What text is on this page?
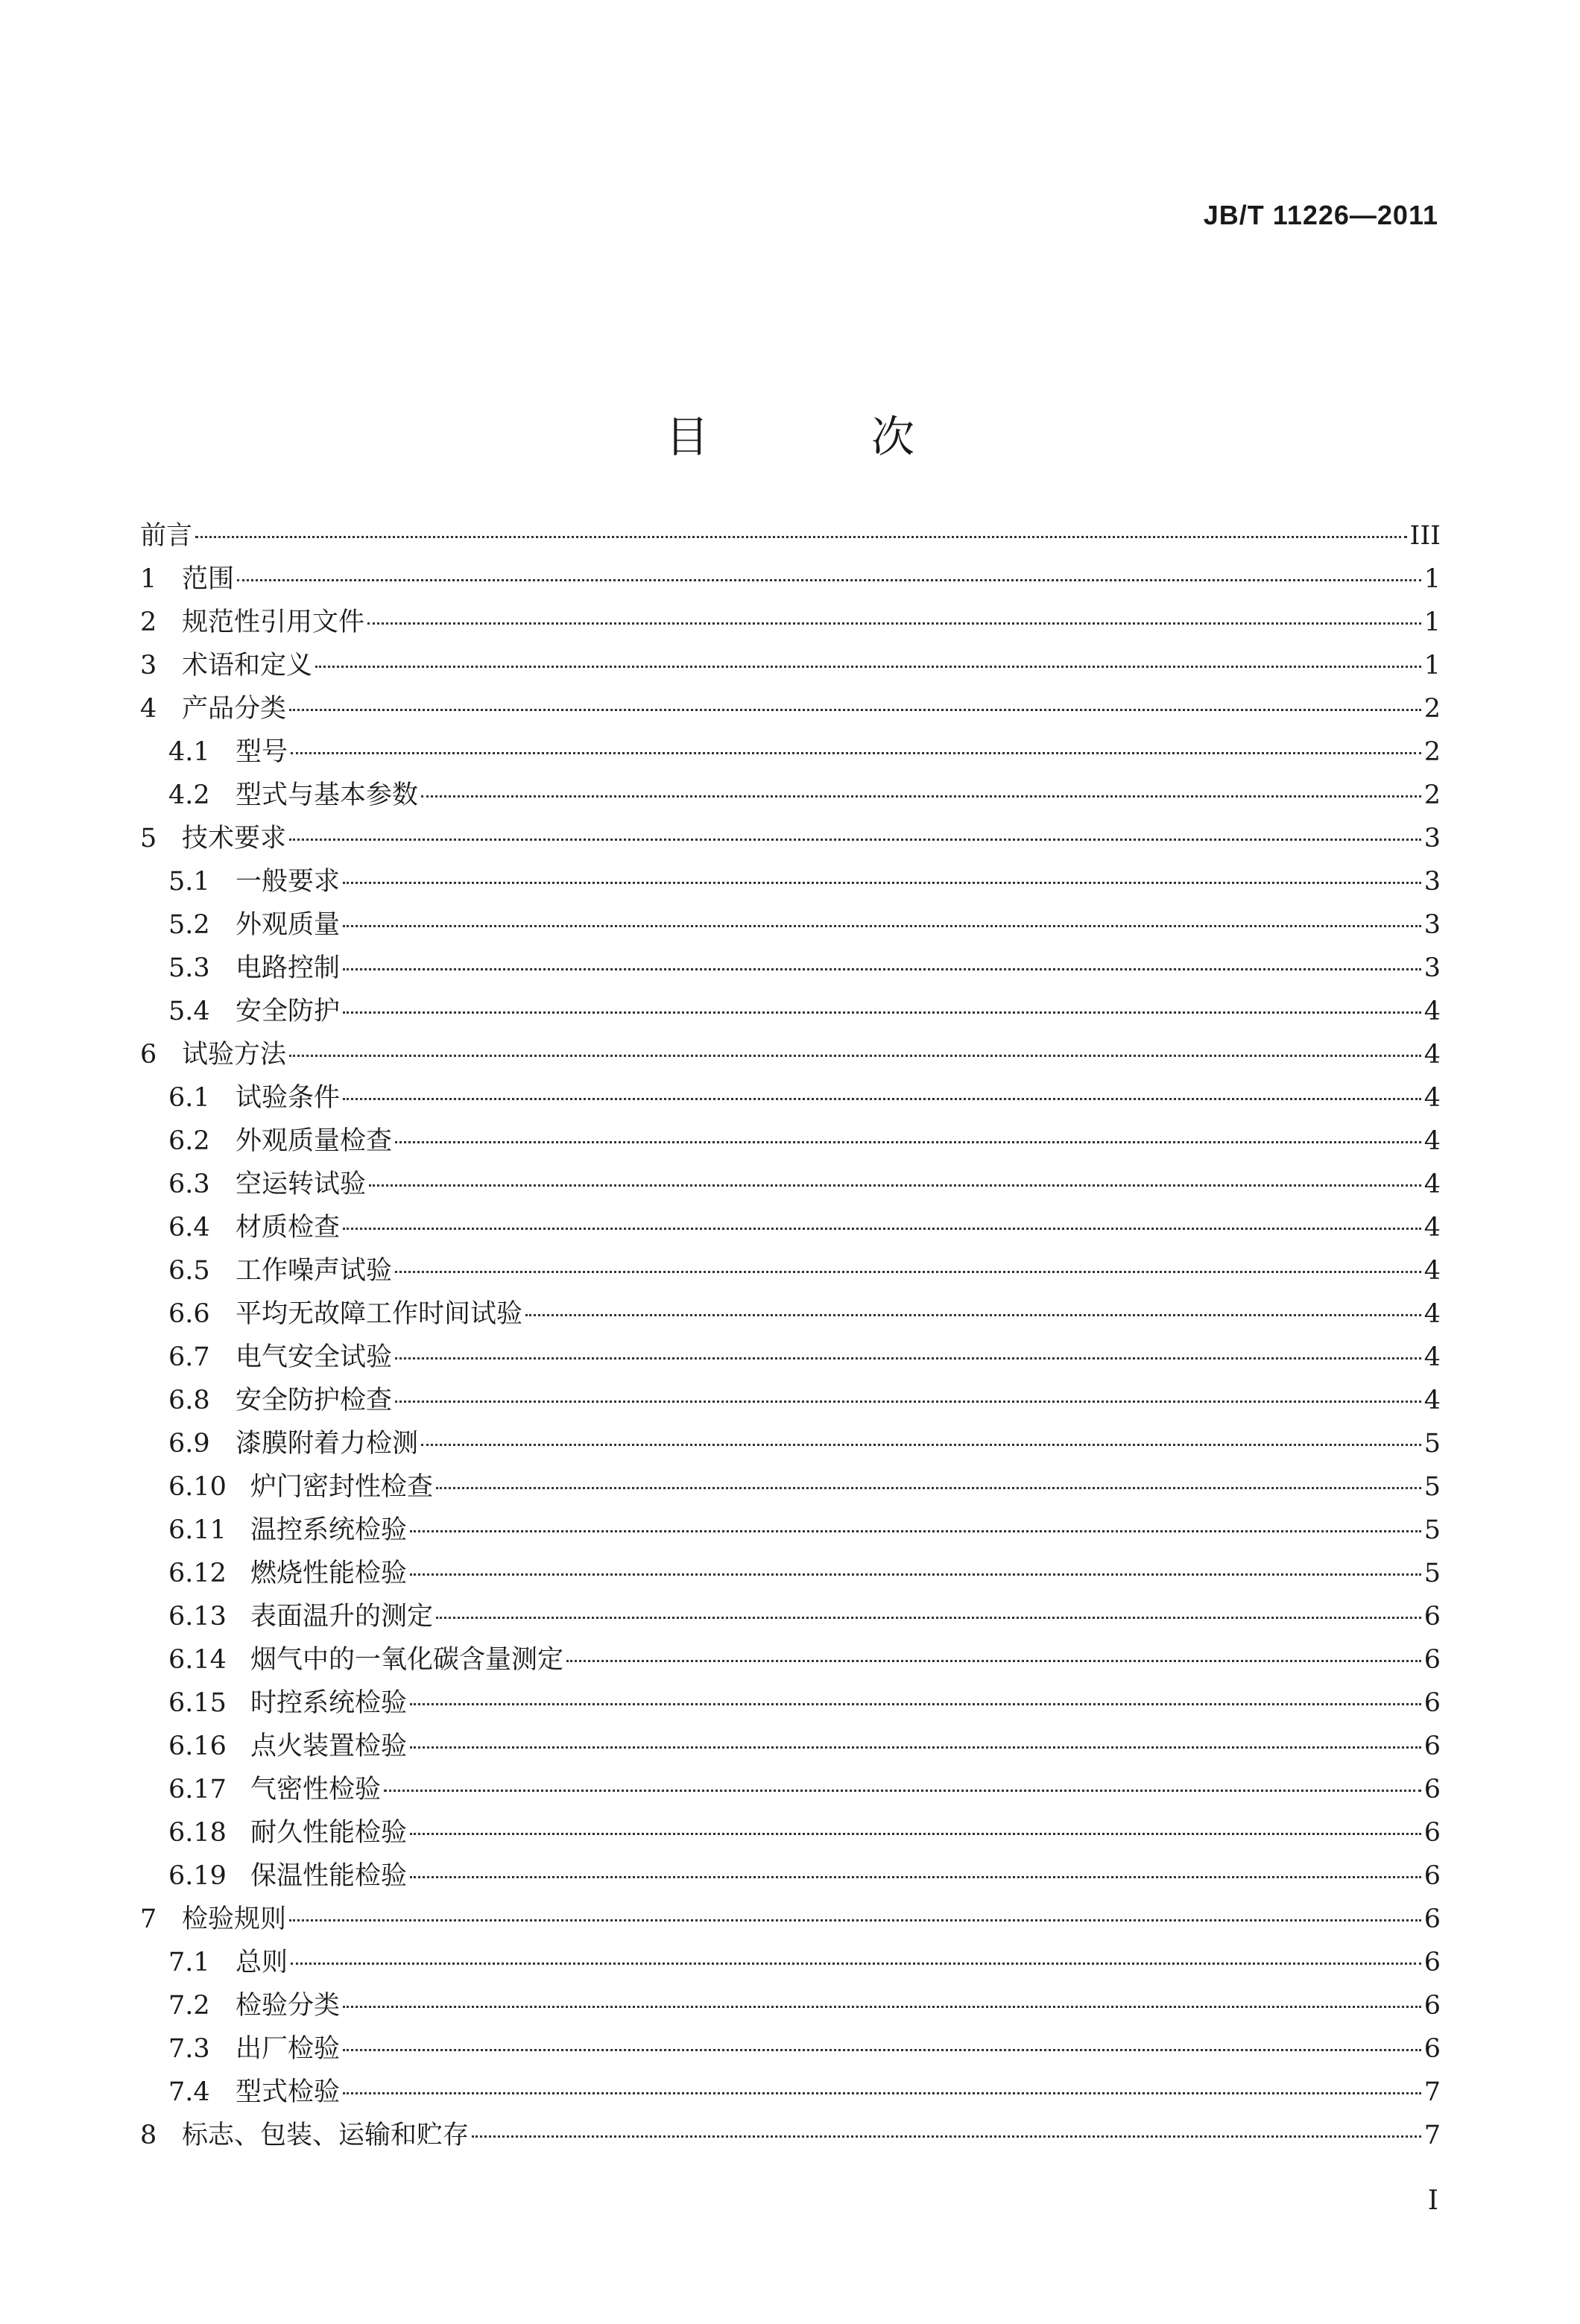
JB/T 11226—2011
目　次
前言	III
1 范围	1
2 规范性引用文件	1
3 术语和定义	1
4 产品分类	2
4.1 型号	2
4.2 型式与基本参数	2
5 技术要求	3
5.1 一般要求	3
5.2 外观质量	3
5.3 电路控制	3
5.4 安全防护	4
6 试验方法	4
6.1 试验条件	4
6.2 外观质量检查	4
6.3 空运转试验	4
6.4 材质检查	4
6.5 工作噪声试验	4
6.6 平均无故障工作时间试验	4
6.7 电气安全试验	4
6.8 安全防护检查	4
6.9 漆膜附着力检测	5
6.10 炉门密封性检查	5
6.11 温控系统检验	5
6.12 燃烧性能检验	5
6.13 表面温升的测定	6
6.14 烟气中的一氧化碳含量测定	6
6.15 时控系统检验	6
6.16 点火装置检验	6
6.17 气密性检验	6
6.18 耐久性能检验	6
6.19 保温性能检验	6
7 检验规则	6
7.1 总则	6
7.2 检验分类	6
7.3 出厂检验	6
7.4 型式检验	7
8 标志、包装、运输和贮存	7
I
